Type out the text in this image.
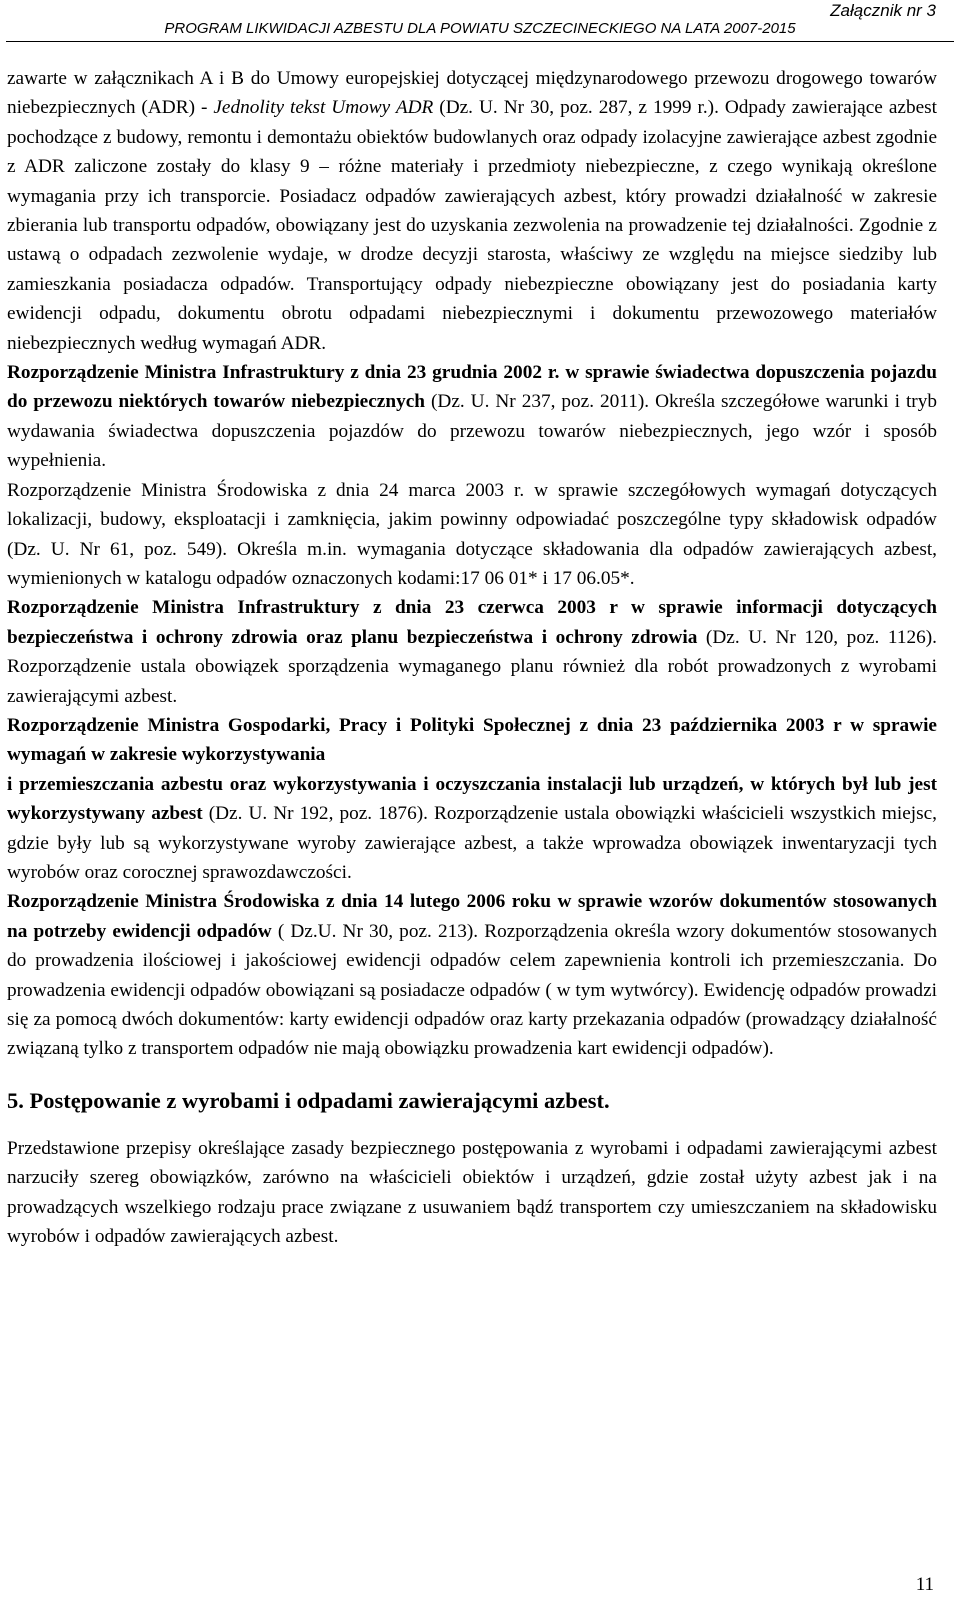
Załącznik nr 3
PROGRAM LIKWIDACJI AZBESTU DLA POWIATU SZCZECINECKIEGO NA LATA 2007-2015

zawarte w załącznikach A i B do Umowy europejskiej dotyczącej międzynarodowego przewozu drogowego towarów niebezpiecznych (ADR) - Jednolity tekst Umowy ADR (Dz. U. Nr 30, poz. 287, z 1999 r.). Odpady zawierające azbest pochodzące z budowy, remontu i demontażu obiektów budowlanych oraz odpady izolacyjne zawierające azbest zgodnie z ADR zaliczone zostały do klasy 9 – różne materiały i przedmioty niebezpieczne, z czego wynikają określone wymagania przy ich transporcie. Posiadacz odpadów zawierających azbest, który prowadzi działalność w zakresie zbierania lub transportu odpadów, obowiązany jest do uzyskania zezwolenia na prowadzenie tej działalności. Zgodnie z ustawą o odpadach zezwolenie wydaje, w drodze decyzji starosta, właściwy ze względu na miejsce siedziby lub zamieszkania posiadacza odpadów. Transportujący odpady niebezpieczne obowiązany jest do posiadania karty ewidencji odpadu, dokumentu obrotu odpadami niebezpiecznymi i dokumentu przewozowego materiałów niebezpiecznych według wymagań ADR.

Rozporządzenie Ministra Infrastruktury z dnia 23 grudnia 2002 r. w sprawie świadectwa dopuszczenia pojazdu do przewozu niektórych towarów niebezpiecznych (Dz. U. Nr 237, poz. 2011). Określa szczegółowe warunki i tryb wydawania świadectwa dopuszczenia pojazdów do przewozu towarów niebezpiecznych, jego wzór i sposób wypełnienia.

Rozporządzenie Ministra Środowiska z dnia 24 marca 2003 r. w sprawie szczegółowych wymagań dotyczących lokalizacji, budowy, eksploatacji i zamknięcia, jakim powinny odpowiadać poszczególne typy składowisk odpadów (Dz. U. Nr 61, poz. 549). Określa m.in. wymagania dotyczące składowania dla odpadów zawierających azbest, wymienionych w katalogu odpadów oznaczonych kodami:17 06 01* i 17 06.05*.

Rozporządzenie Ministra Infrastruktury z dnia 23 czerwca 2003 r w sprawie informacji dotyczących bezpieczeństwa i ochrony zdrowia oraz planu bezpieczeństwa i ochrony zdrowia (Dz. U. Nr 120, poz. 1126). Rozporządzenie ustala obowiązek sporządzenia wymaganego planu również dla robót prowadzonych z wyrobami zawierającymi azbest.

Rozporządzenie Ministra Gospodarki, Pracy i Polityki Społecznej z dnia 23 października 2003 r w sprawie wymagań w zakresie wykorzystywania
i przemieszczania azbestu oraz wykorzystywania i oczyszczania instalacji lub urządzeń, w których był lub jest wykorzystywany azbest (Dz. U. Nr 192, poz. 1876). Rozporządzenie ustala obowiązki właścicieli wszystkich miejsc, gdzie były lub są wykorzystywane wyroby zawierające azbest, a także wprowadza obowiązek inwentaryzacji tych wyrobów oraz corocznej sprawozdawczości.

Rozporządzenie Ministra Środowiska z dnia 14 lutego 2006 roku w sprawie wzorów dokumentów stosowanych na potrzeby ewidencji odpadów ( Dz.U. Nr 30, poz. 213). Rozporządzenia określa wzory dokumentów stosowanych do prowadzenia ilościowej i jakościowej ewidencji odpadów celem zapewnienia kontroli ich przemieszczania. Do prowadzenia ewidencji odpadów obowiązani są posiadacze odpadów ( w tym wytwórcy). Ewidencję odpadów prowadzi się za pomocą dwóch dokumentów: karty ewidencji odpadów oraz karty przekazania odpadów (prowadzący działalność związaną tylko z transportem odpadów nie mają obowiązku prowadzenia kart ewidencji odpadów).

5. Postępowanie z wyrobami i odpadami zawierającymi azbest.

Przedstawione przepisy określające zasady bezpiecznego postępowania z wyrobami i odpadami zawierającymi azbest narzuciły szereg obowiązków, zarówno na właścicieli obiektów i urządzeń, gdzie został użyty azbest jak i na prowadzących wszelkiego rodzaju prace związane z usuwaniem bądź transportem czy umieszczaniem na składowisku wyrobów i odpadów zawierających azbest.

11
